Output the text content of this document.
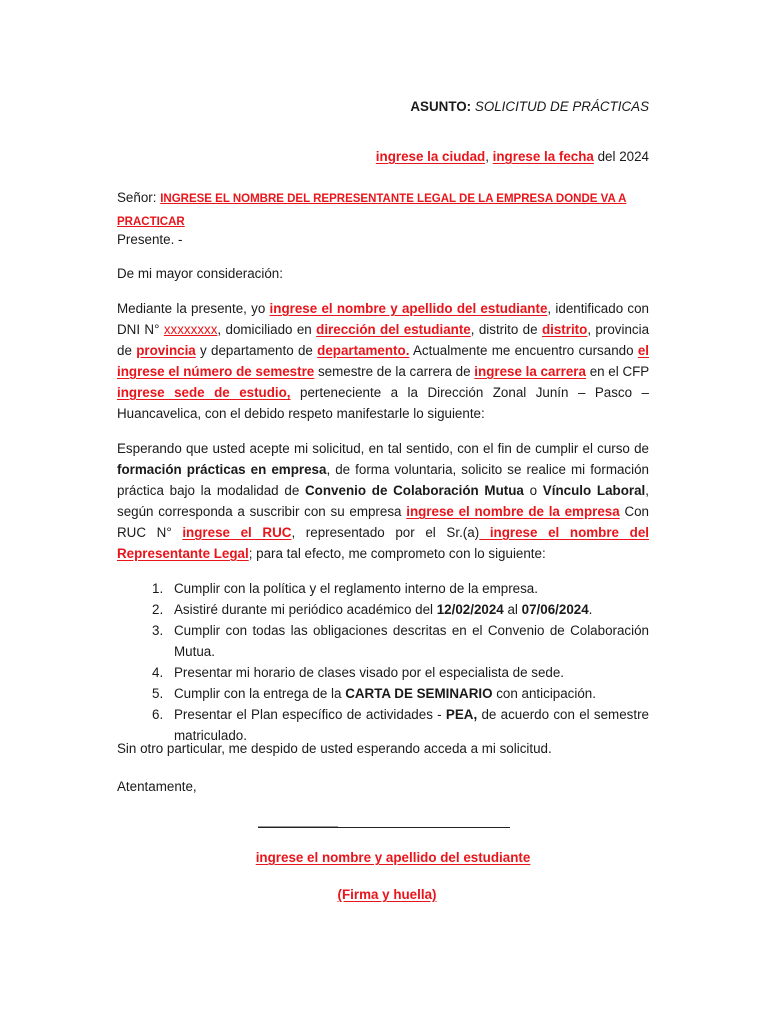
ASUNTO: SOLICITUD DE PRÁCTICAS

ingrese la ciudad, ingrese la fecha del 2024

Señor: INGRESE EL NOMBRE DEL REPRESENTANTE LEGAL DE LA EMPRESA DONDE VA A PRACTICAR

Presente. -

De mi mayor consideración:

Mediante la presente, yo ingrese el nombre y apellido del estudiante, identificado con DNI N° xxxxxxxx, domiciliado en dirección del estudiante, distrito de distrito, provincia de provincia y departamento de departamento. Actualmente me encuentro cursando el ingrese el número de semestre semestre de la carrera de ingrese la carrera en el CFP ingrese sede de estudio, perteneciente a la Dirección Zonal Junín – Pasco – Huancavelica, con el debido respeto manifestarle lo siguiente:

Esperando que usted acepte mi solicitud, en tal sentido, con el fin de cumplir el curso de formación prácticas en empresa, de forma voluntaria, solicito se realice mi formación práctica bajo la modalidad de Convenio de Colaboración Mutua o Vínculo Laboral, según corresponda a suscribir con su empresa ingrese el nombre de la empresa Con RUC N° ingrese el RUC, representado por el Sr.(a) ingrese el nombre del Representante Legal; para tal efecto, me comprometo con lo siguiente:

1. Cumplir con la política y el reglamento interno de la empresa.
2. Asistiré durante mi periódico académico del 12/02/2024 al 07/06/2024.
3. Cumplir con todas las obligaciones descritas en el Convenio de Colaboración Mutua.
4. Presentar mi horario de clases visado por el especialista de sede.
5. Cumplir con la entrega de la CARTA DE SEMINARIO con anticipación.
6. Presentar el Plan específico de actividades - PEA, de acuerdo con el semestre matriculado.

Sin otro particular, me despido de usted esperando acceda a mi solicitud.

Atentamente,

ingrese el nombre y apellido del estudiante

(Firma y huella)
